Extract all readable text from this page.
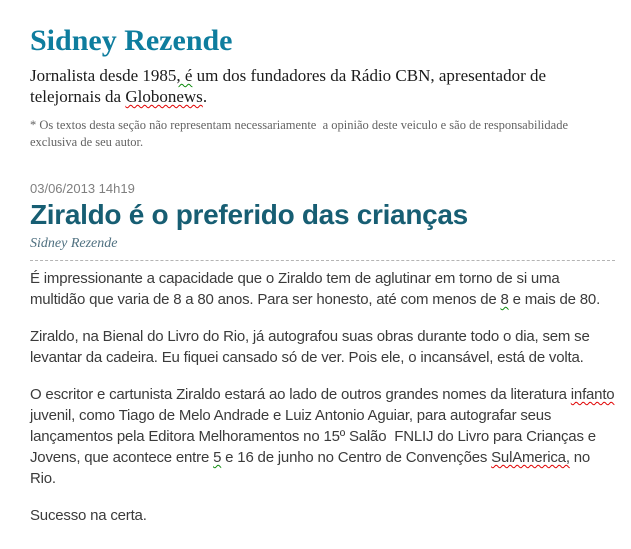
Sidney Rezende

Jornalista desde 1985, é um dos fundadores da Rádio CBN, apresentador de telejornais da Globonews.

* Os textos desta seção não representam necessariamente  a opinião deste veiculo e são de responsabilidade exclusiva de seu autor.

03/06/2013 14h19
Ziraldo é o preferido das crianças
Sidney Rezende

É impressionante a capacidade que o Ziraldo tem de aglutinar em torno de si uma multidão que varia de 8 a 80 anos. Para ser honesto, até com menos de 8 e mais de 80.

Ziraldo, na Bienal do Livro do Rio, já autografou suas obras durante todo o dia, sem se levantar da cadeira. Eu fiquei cansado só de ver. Pois ele, o incansável, está de volta.

O escritor e cartunista Ziraldo estará ao lado de outros grandes nomes da literatura infanto juvenil, como Tiago de Melo Andrade e Luiz Antonio Aguiar, para autografar seus lançamentos pela Editora Melhoramentos no 15º Salão  FNLIJ do Livro para Crianças e Jovens, que acontece entre 5 e 16 de junho no Centro de Convenções SulAmerica, no Rio.

Sucesso na certa.
